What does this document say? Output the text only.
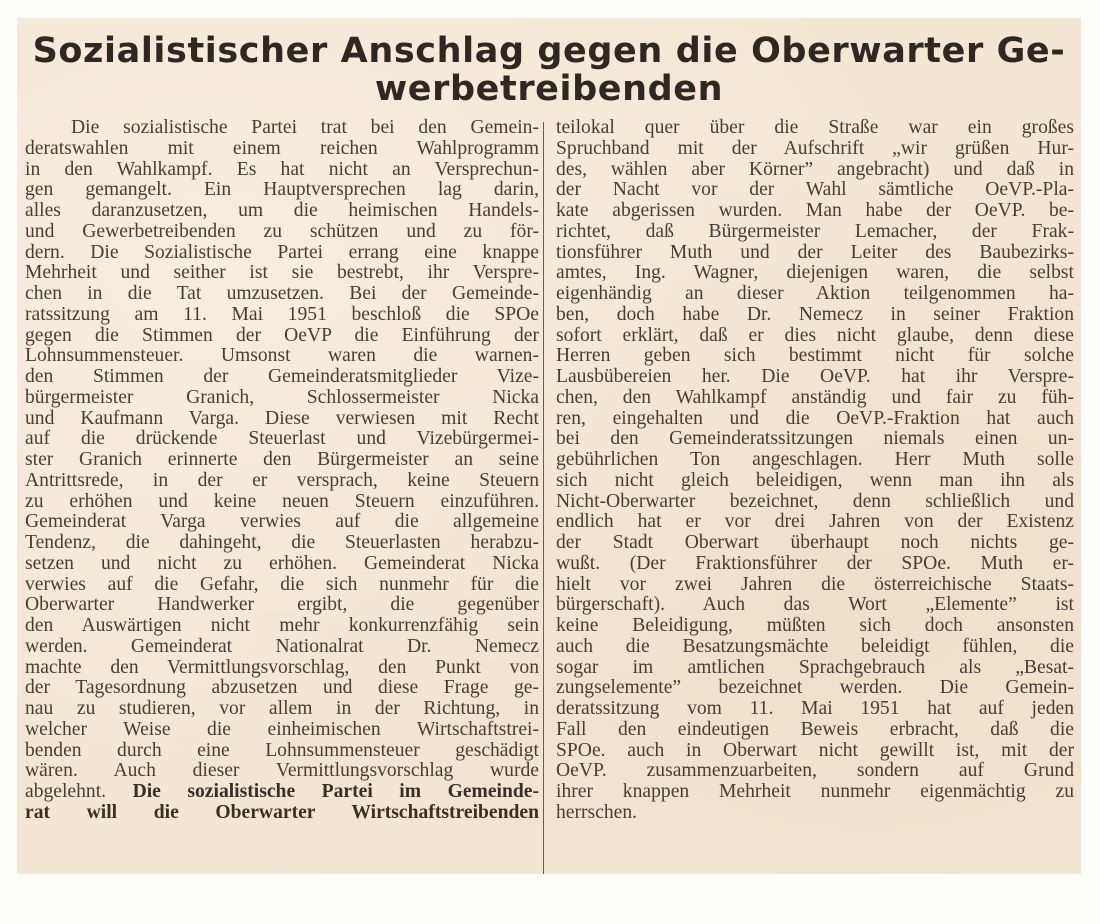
Sozialistischer Anschlag gegen die Oberwarter Ge-
werbetreibenden
Die sozialistische Partei trat bei den Gemein-
deratswahlen mit einem reichen Wahlprogramm
in den Wahlkampf. Es hat nicht an Versprechun-
gen gemangelt. Ein Hauptversprechen lag darin,
alles daranzusetzen, um die heimischen Handels-
und Gewerbetreibenden zu schützen und zu för-
dern. Die Sozialistische Partei errang eine knappe
Mehrheit und seither ist sie bestrebt, ihr Verspre-
chen in die Tat umzusetzen. Bei der Gemeinde-
ratssitzung am 11. Mai 1951 beschloß die SPOe
gegen die Stimmen der OeVP die Einführung der
Lohnsummensteuer. Umsonst waren die warnen-
den Stimmen der Gemeinderatsmitglieder Vize-
bürgermeister Granich, Schlossermeister Nicka
und Kaufmann Varga. Diese verwiesen mit Recht
auf die drückende Steuerlast und Vizebürgermei-
ster Granich erinnerte den Bürgermeister an seine
Antrittsrede, in der er versprach, keine Steuern
zu erhöhen und keine neuen Steuern einzuführen.
Gemeinderat Varga verwies auf die allgemeine
Tendenz, die dahingeht, die Steuerlasten herabzu-
setzen und nicht zu erhöhen. Gemeinderat Nicka
verwies auf die Gefahr, die sich nunmehr für die
Oberwarter Handwerker ergibt, die gegenüber
den Auswärtigen nicht mehr konkurrenzfähig sein
werden. Gemeinderat Nationalrat Dr. Nemecz
machte den Vermittlungsvorschlag, den Punkt von
der Tagesordnung abzusetzen und diese Frage ge-
nau zu studieren, vor allem in der Richtung, in
welcher Weise die einheimischen Wirtschaftstrei-
benden durch eine Lohnsummensteuer geschädigt
wären. Auch dieser Vermittlungsvorschlag wurde
abgelehnt. Die sozialistische Partei im Gemeinde-
rat will die Oberwarter Wirtschaftstreibenden
teilokal quer über die Straße war ein großes
Spruchband mit der Aufschrift „wir grüßen Hur-
des, wählen aber Körner” angebracht) und daß in
der Nacht vor der Wahl sämtliche OeVP.-Pla-
kate abgerissen wurden. Man habe der OeVP. be-
richtet, daß Bürgermeister Lemacher, der Frak-
tionsführer Muth und der Leiter des Baubezirks-
amtes, Ing. Wagner, diejenigen waren, die selbst
eigenhändig an dieser Aktion teilgenommen ha-
ben, doch habe Dr. Nemecz in seiner Fraktion
sofort erklärt, daß er dies nicht glaube, denn diese
Herren geben sich bestimmt nicht für solche
Lausbübereien her. Die OeVP. hat ihr Verspre-
chen, den Wahlkampf anständig und fair zu füh-
ren, eingehalten und die OeVP.-Fraktion hat auch
bei den Gemeinderatssitzungen niemals einen un-
gebührlichen Ton angeschlagen. Herr Muth solle
sich nicht gleich beleidigen, wenn man ihn als
Nicht-Oberwarter bezeichnet, denn schließlich und
endlich hat er vor drei Jahren von der Existenz
der Stadt Oberwart überhaupt noch nichts ge-
wußt. (Der Fraktionsführer der SPOe. Muth er-
hielt vor zwei Jahren die österreichische Staats-
bürgerschaft). Auch das Wort „Elemente” ist
keine Beleidigung, müßten sich doch ansonsten
auch die Besatzungsmächte beleidigt fühlen, die
sogar im amtlichen Sprachgebrauch als „Besat-
zungselemente” bezeichnet werden. Die Gemein-
deratssitzung vom 11. Mai 1951 hat auf jeden
Fall den eindeutigen Beweis erbracht, daß die
SPOe. auch in Oberwart nicht gewillt ist, mit der
OeVP. zusammenzuarbeiten, sondern auf Grund
ihrer knappen Mehrheit nunmehr eigenmächtig zu
herrschen.
